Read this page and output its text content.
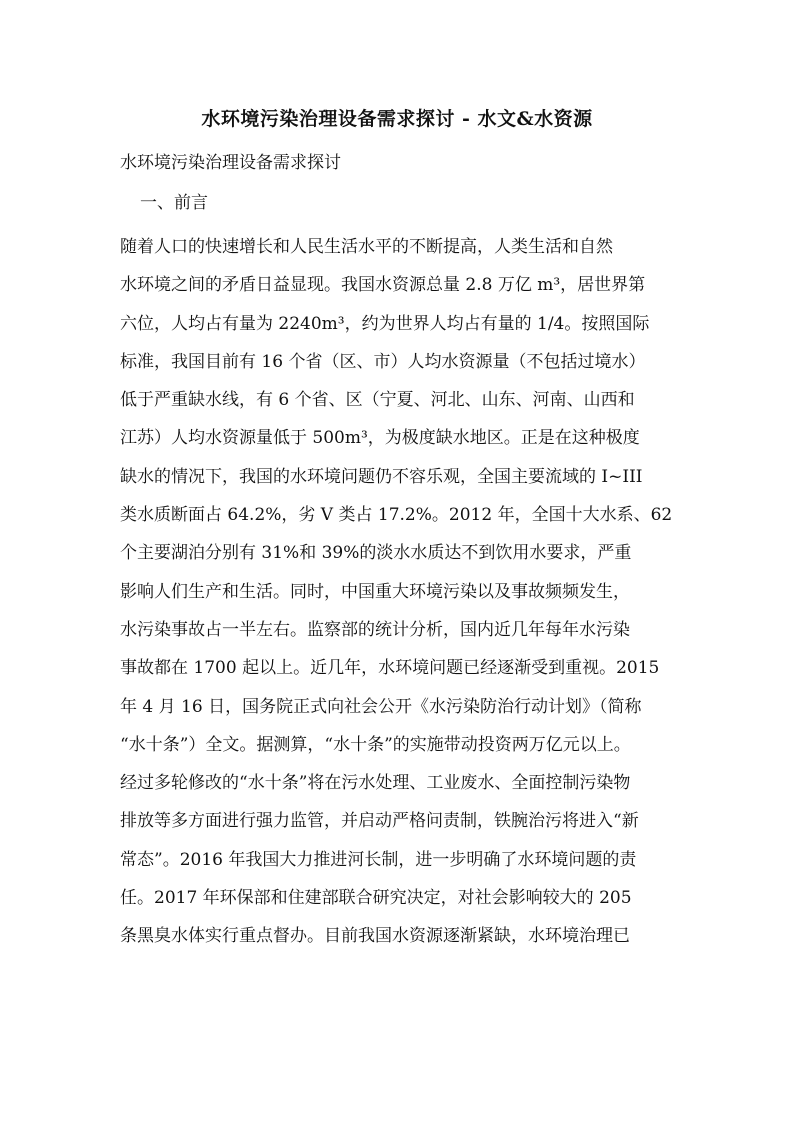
水环境污染治理设备需求探讨 - 水文&水资源
水环境污染治理设备需求探讨
一、前言
随着人口的快速增长和人民生活水平的不断提高，人类生活和自然
水环境之间的矛盾日益显现。我国水资源总量 2.8 万亿 m³，居世界第
六位，人均占有量为 2240m³，约为世界人均占有量的 1/4。按照国际
标准，我国目前有 16 个省（区、市）人均水资源量（不包括过境水）
低于严重缺水线，有 6 个省、区（宁夏、河北、山东、河南、山西和
江苏）人均水资源量低于 500m³，为极度缺水地区。正是在这种极度
缺水的情况下，我国的水环境问题仍不容乐观，全国主要流域的 I~III
类水质断面占 64.2%，劣 V 类占 17.2%。2012 年，全国十大水系、62
个主要湖泊分别有 31%和 39%的淡水水质达不到饮用水要求，严重
影响人们生产和生活。同时，中国重大环境污染以及事故频频发生，
水污染事故占一半左右。监察部的统计分析，国内近几年每年水污染
事故都在 1700 起以上。近几年，水环境问题已经逐渐受到重视。2015
年 4 月 16 日，国务院正式向社会公开《水污染防治行动计划》（简称
“水十条”）全文。据测算，“水十条”的实施带动投资两万亿元以上。
经过多轮修改的“水十条”将在污水处理、工业废水、全面控制污染物
排放等多方面进行强力监管，并启动严格问责制，铁腕治污将进入“新
常态”。2016 年我国大力推进河长制，进一步明确了水环境问题的责
任。2017 年环保部和住建部联合研究决定，对社会影响较大的 205
条黑臭水体实行重点督办。目前我国水资源逐渐紧缺，水环境治理已
